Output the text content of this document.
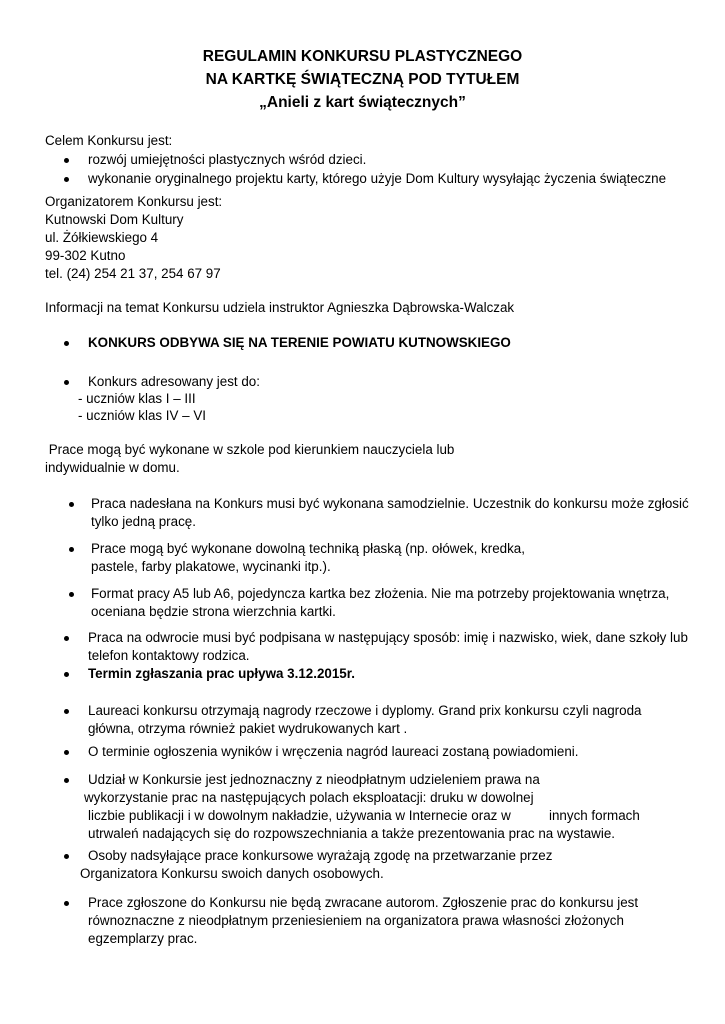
REGULAMIN KONKURSU PLASTYCZNEGO
NA KARTKĘ ŚWIĄTECZNĄ POD TYTUŁEM
„Anieli z kart świątecznych”
Celem Konkursu jest:
rozwój umiejętności plastycznych wśród dzieci.
wykonanie oryginalnego projektu karty, którego użyje Dom Kultury wysyłając życzenia świąteczne
Organizatorem Konkursu jest:
Kutnowski Dom Kultury
ul. Żółkiewskiego 4
99-302 Kutno
tel. (24) 254 21 37, 254 67 97
Informacji na temat Konkursu udziela instruktor Agnieszka Dąbrowska-Walczak
KONKURS ODBYWA SIĘ NA TERENIE POWIATU KUTNOWSKIEGO
Konkurs adresowany jest do:
- uczniów klas I – III
- uczniów klas IV – VI
Prace mogą być wykonane w szkole pod kierunkiem nauczyciela lub
indywidualnie w domu.
Praca nadesłana na Konkurs musi być wykonana samodzielnie. Uczestnik do konkursu może zgłosić
tylko jedną pracę.
Prace mogą być wykonane dowolną techniką płaską (np. ołówek, kredka,
pastele, farby plakatowe, wycinanki itp.).
Format pracy A5 lub A6, pojedyncza kartka bez złożenia. Nie ma potrzeby projektowania wnętrza,
oceniana będzie strona wierzchnia kartki.
Praca na odwrocie musi być podpisana w następujący sposób: imię i nazwisko, wiek, dane szkoły lub
telefon kontaktowy rodzica.
Termin zgłaszania prac upływa 3.12.2015r.
Laureaci konkursu otrzymają nagrody rzeczowe i dyplomy. Grand prix konkursu czyli nagroda
główna, otrzyma również pakiet wydrukowanych kart .
O terminie ogłoszenia wyników i wręczenia nagród laureaci zostaną powiadomieni.
Udział w Konkursie jest jednoznaczny z nieodpłatnym udzieleniem prawa na
wykorzystanie prac na następujących polach eksploatacji: druku w dowolnej
liczbie publikacji i w dowolnym nakładzie, używania w Internecie oraz w	innych formach
utrwaleń nadających się do rozpowszechniania a także prezentowania prac na wystawie.
Osoby nadsyłające prace konkursowe wyrażają zgodę na przetwarzanie przez
Organizatora Konkursu swoich danych osobowych.
Prace zgłoszone do Konkursu nie będą zwracane autorom. Zgłoszenie prac do konkursu jest
równoznaczne z nieodpłatnym przeniesieniem na organizatora prawa własności złożonych
egzemplarzy prac.
